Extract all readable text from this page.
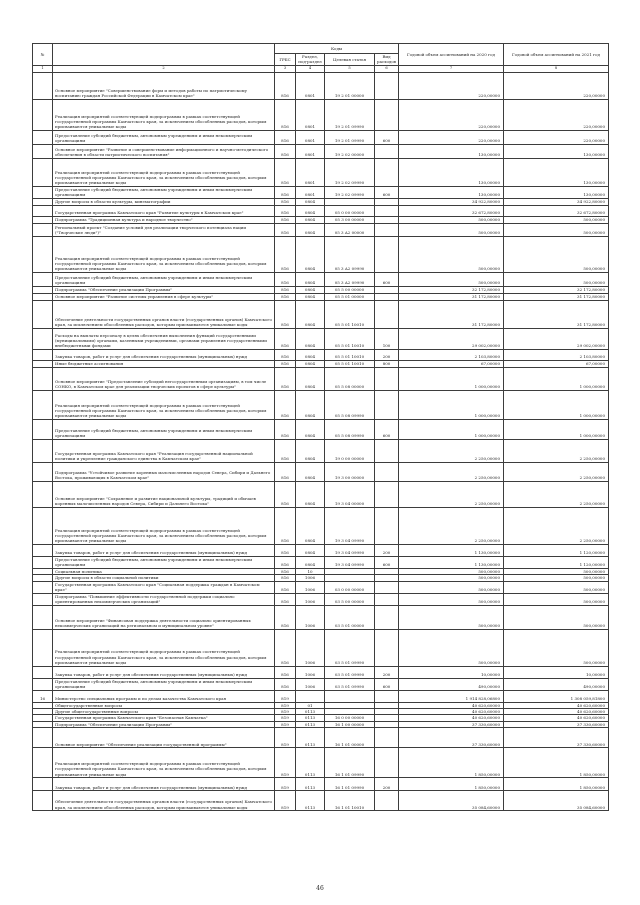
№		Коды				Годовой объем ассигнований на 2020 год	Годовой объем ассигнований на 2021 год
		ГРБС	Раздел, под-раздел	Целевая статья	Вид расходов		
1	2	3	4	5	6	7	8
	Основное мероприятие "Совершенствование форм и методов работы по патриотическому воспитанию граждан Российской Федерации в Камчатском крае"	816	0801	19 2 01 00000		220,00000	220,00000
	Реализация мероприятий соответствующей подпрограммы в рамках соответствующей государственной программы Камчатского края, за исключением обособленных расходов, которым присваиваются уникальные коды	816	0801	19 2 01 09990		220,00000	220,00000
	Предоставление субсидий бюджетным, автономным учреждениям и иным некоммерческим организациям	816	0801	19 2 01 09990	600	220,00000	220,00000
	Основное мероприятие "Развитие и совершенствование информационного и научно-методического обеспечения в области патриотического воспитания"	816	0801	19 2 02 00000		130,00000	130,00000
	Реализация мероприятий соответствующей подпрограммы в рамках соответствующей государственной программы Камчатского края, за исключением обособленных расходов, которым присваиваются уникальные коды	816	0801	19 2 02 09990		130,00000	130,00000
	Предоставление субсидий бюджетным, автономным учреждениям и иным некоммерческим организациям	816	0801	19 2 02 09990	600	130,00000	130,00000
	Другие вопросы в области культуры, кинематографии	816	0804			34 922,80000	34 922,80000
	Государственная программа Камчатского края "Развитие культуры в Камчатском крае"	816	0804	05 0 00 00000		32 672,80000	32 672,80000
	Подпрограмма "Традиционная культура и народное творчество"	816	0804	05 3 00 00000		500,00000	500,00000
	Региональный проект "Создание условий для реализации творческого потенциала нации ("Творческие люди")"	816	0804	05 3 A2 00000		500,00000	500,00000
	Реализация мероприятий соответствующей подпрограммы в рамках соответствующей государственной программы Камчатского края, за исключением обособленных расходов, которым присваиваются уникальные коды	816	0804	05 3 A2 09990		500,00000	500,00000
	Предоставление субсидий бюджетным, автономным учреждениям и иным некоммерческим организациям	816	0804	05 3 A2 09990	600	500,00000	500,00000
	Подпрограмма "Обеспечение реализации Программы"	816	0804	05 5 00 00000		32 172,80000	32 172,80000
	Основное мероприятие "Развитие системы управления в сфере культуры"	816	0804	05 5 01 00000		31 172,80000	31 172,80000
	Обеспечение деятельности государственных органов власти (государственных органов) Камчатского края, за исключением обособленных расходов, которым присваиваются уникальные коды	816	0804	05 5 01 10010		31 172,80000	31 172,80000
	Расходы на выплаты персоналу в целях обеспечения выполнения функций государственными (муниципальными) органами, казенными учреждениями, органами управления государственными внебюджетными фондами	816	0804	05 5 01 10010	100	29 002,00000	29 002,00000
	Закупка товаров, работ и услуг для обеспечения государственных (муниципальных) нужд	816	0804	05 5 01 10010	200	2 103,80000	2 103,80000
	Иные бюджетные ассигнования	816	0804	05 5 01 10010	800	67,00000	67,00000
	Основное мероприятие "Предоставление субсидий негосударственным организациям, в том числе СОНКО, в Камчатском крае для реализации творческих проектов в сфере культуры"	816	0804	05 5 08 00000		1 000,00000	1 000,00000
	Реализация мероприятий соответствующей подпрограммы в рамках соответствующей государственной программы Камчатского края, за исключением обособленных расходов, которым присваиваются уникальные коды	816	0804	05 5 08 09990		1 000,00000	1 000,00000
	Предоставление субсидий бюджетным, автономным учреждениям и иным некоммерческим организациям	816	0804	05 5 08 09990	600	1 000,00000	1 000,00000
	Государственная программа Камчатского края "Реализация государственной национальной политики и укрепление гражданского единства в Камчатском крае"	816	0804	19 0 00 00000		2 250,00000	2 250,00000
	Подпрограмма "Устойчивое развитие коренных малочисленных народов Севера, Сибири и Дальнего Востока, проживающих в Камчатском крае"	816	0804	19 3 00 00000		2 250,00000	2 250,00000
	Основное мероприятие "Сохранение и развитие национальной культуры, традиций и обычаев коренных малочисленных народов Севера, Сибири и Дальнего Востока"	816	0804	19 3 04 00000		2 250,00000	2 250,00000
	Реализация мероприятий соответствующей подпрограммы в рамках соответствующей государственной программы Камчатского края, за исключением обособленных расходов, которым присваиваются уникальные коды	816	0804	19 3 04 09990		2 250,00000	2 250,00000
	Закупка товаров, работ и услуг для обеспечения государственных (муниципальных) нужд	816	0804	19 3 04 09990	200	1 130,00000	1 120,00000
	Предоставление субсидий бюджетным, автономным учреждениям и иным некоммерческим организациям	816	0804	19 3 04 09990	600	1 130,00000	1 120,00000
	Социальная политика	816	10			500,00000	500,00000
	Другие вопросы в области социальной политики	816	1006			500,00000	500,00000
	Государственная программа Камчатского края "Социальная поддержка граждан в Камчатском крае"	816	1006	03 0 00 00000		500,00000	500,00000
	Подпрограмма "Повышение эффективности государственной поддержки социально ориентированных некоммерческих организаций"	816	1006	03 5 00 00000		500,00000	500,00000
	Основное мероприятие "Финансовая поддержка деятельности социально ориентированных некоммерческих организаций на региональном и муниципальном уровне"	816	1006	03 5 01 00000		500,00000	500,00000
	Реализация мероприятий соответствующей подпрограммы в рамках соответствующей государственной программы Камчатского края, за исключением обособленных расходов, которым присваиваются уникальные коды	816	1006	03 5 01 09990		500,00000	500,00000
	Закупка товаров, работ и услуг для обеспечения государственных (муниципальных) нужд	816	1006	03 5 01 09990	200	10,00000	10,00000
	Предоставление субсидий бюджетным, автономным учреждениям и иным некоммерческим организациям	816	1006	03 5 01 09990	600	490,00000	490,00000
16	Министерство специальных программ и по делам казачества Камчатского края	819				1 914 828,06800	1 308 059,81800
	Общегосударственные вопросы	819	01			40 620,60000	40 620,60000
	Другие общегосударственные вопросы	819	0113			40 620,60000	40 620,60000
	Государственная программа Камчатского края "Безопасная Камчатка"	819	0113	16 0 00 00000		40 620,60000	40 620,60000
	Подпрограмма "Обеспечение реализации Программы"	819	0113	16 1 00 00000		37 330,60000	37 330,60000
	Основное мероприятие "Обеспечение реализации государственной программы"	819	0113	16 1 01 00000		37 330,60000	37 330,60000
	Реализация мероприятий соответствующей подпрограммы в рамках соответствующей государственной программы Камчатского края, за исключением обособленных расходов, которым присваиваются уникальные коды	819	0113	16 1 01 09990		1 850,00000	1 850,00000
	Закупка товаров, работ и услуг для обеспечения государственных (муниципальных) нужд	819	0113	16 1 01 09990	200	1 850,00000	1 850,00000
	Обеспечение деятельности государственных органов власти (государственных органов) Камчатского края, за исключением обособленных расходов, которым присваиваются уникальные коды	819	0113	16 1 01 10010		35 084,60000	35 084,60000
46
